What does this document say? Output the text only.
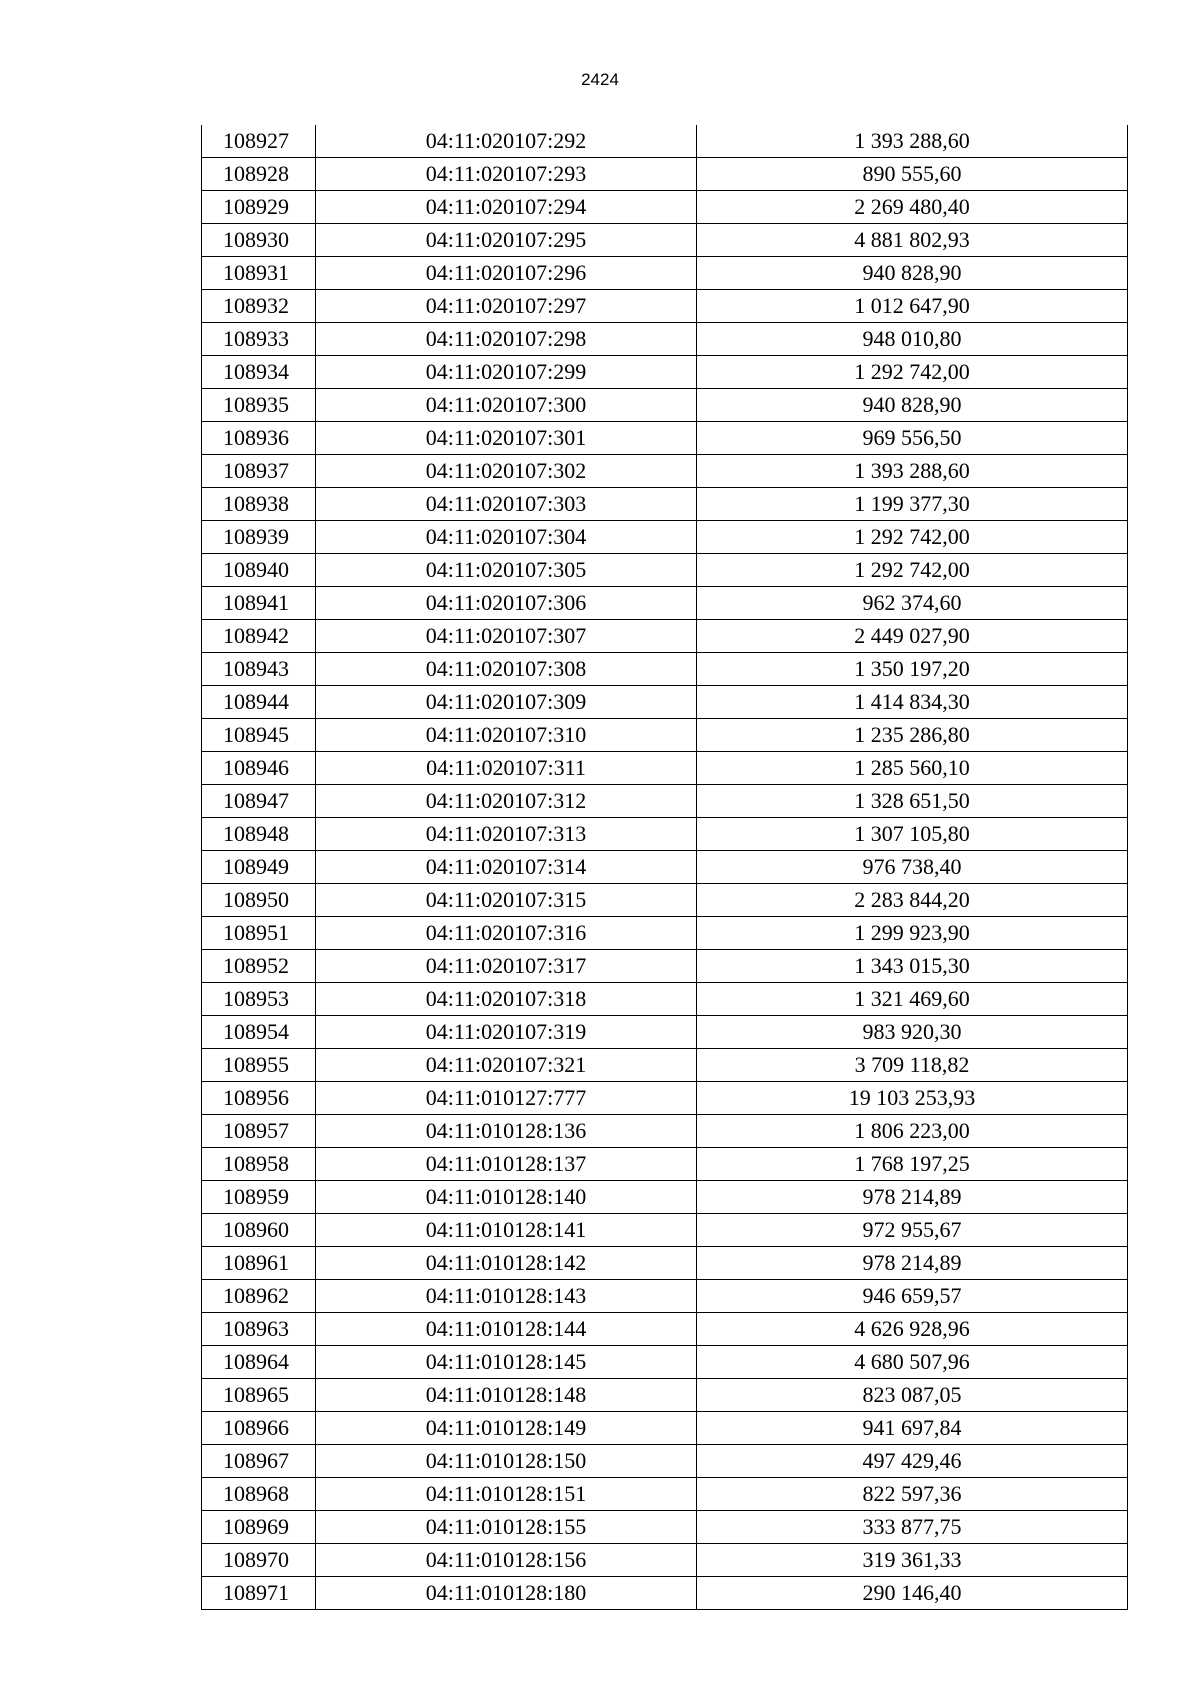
2424
108927	04:11:020107:292	1 393 288,60
108928	04:11:020107:293	890 555,60
108929	04:11:020107:294	2 269 480,40
108930	04:11:020107:295	4 881 802,93
108931	04:11:020107:296	940 828,90
108932	04:11:020107:297	1 012 647,90
108933	04:11:020107:298	948 010,80
108934	04:11:020107:299	1 292 742,00
108935	04:11:020107:300	940 828,90
108936	04:11:020107:301	969 556,50
108937	04:11:020107:302	1 393 288,60
108938	04:11:020107:303	1 199 377,30
108939	04:11:020107:304	1 292 742,00
108940	04:11:020107:305	1 292 742,00
108941	04:11:020107:306	962 374,60
108942	04:11:020107:307	2 449 027,90
108943	04:11:020107:308	1 350 197,20
108944	04:11:020107:309	1 414 834,30
108945	04:11:020107:310	1 235 286,80
108946	04:11:020107:311	1 285 560,10
108947	04:11:020107:312	1 328 651,50
108948	04:11:020107:313	1 307 105,80
108949	04:11:020107:314	976 738,40
108950	04:11:020107:315	2 283 844,20
108951	04:11:020107:316	1 299 923,90
108952	04:11:020107:317	1 343 015,30
108953	04:11:020107:318	1 321 469,60
108954	04:11:020107:319	983 920,30
108955	04:11:020107:321	3 709 118,82
108956	04:11:010127:777	19 103 253,93
108957	04:11:010128:136	1 806 223,00
108958	04:11:010128:137	1 768 197,25
108959	04:11:010128:140	978 214,89
108960	04:11:010128:141	972 955,67
108961	04:11:010128:142	978 214,89
108962	04:11:010128:143	946 659,57
108963	04:11:010128:144	4 626 928,96
108964	04:11:010128:145	4 680 507,96
108965	04:11:010128:148	823 087,05
108966	04:11:010128:149	941 697,84
108967	04:11:010128:150	497 429,46
108968	04:11:010128:151	822 597,36
108969	04:11:010128:155	333 877,75
108970	04:11:010128:156	319 361,33
108971	04:11:010128:180	290 146,40
